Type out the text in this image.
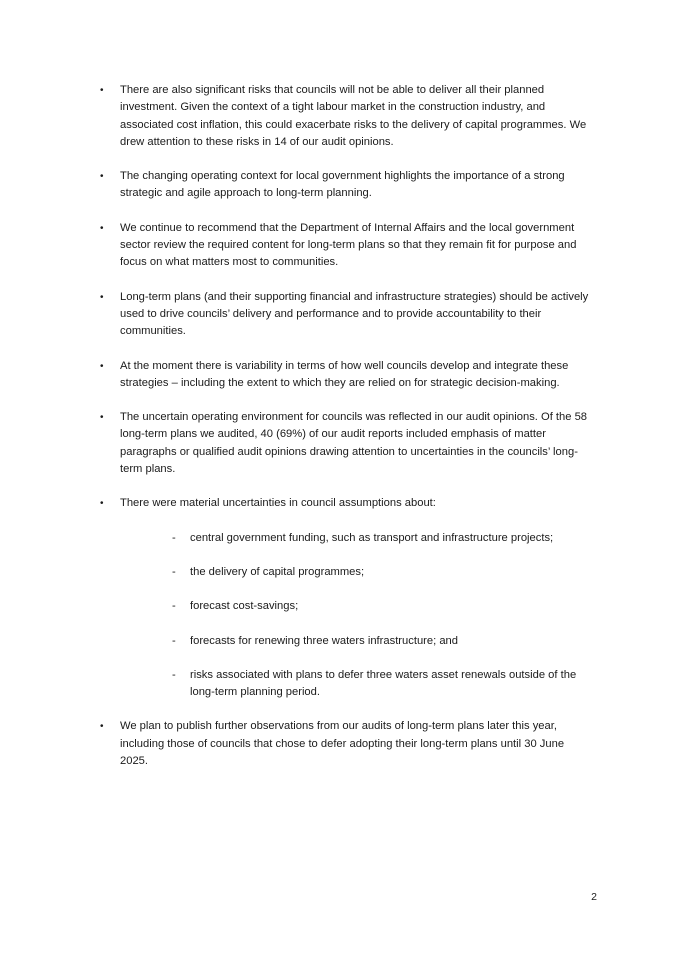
•	There are also significant risks that councils will not be able to deliver all their planned investment. Given the context of a tight labour market in the construction industry, and associated cost inflation, this could exacerbate risks to the delivery of capital programmes. We drew attention to these risks in 14 of our audit opinions.
•	The changing operating context for local government highlights the importance of a strong strategic and agile approach to long-term planning.
•	We continue to recommend that the Department of Internal Affairs and the local government sector review the required content for long-term plans so that they remain fit for purpose and focus on what matters most to communities.
•	Long-term plans (and their supporting financial and infrastructure strategies) should be actively used to drive councils’ delivery and performance and to provide accountability to their communities.
•	At the moment there is variability in terms of how well councils develop and integrate these strategies – including the extent to which they are relied on for strategic decision-making.
•	The uncertain operating environment for councils was reflected in our audit opinions. Of the 58 long-term plans we audited, 40 (69%) of our audit reports included emphasis of matter paragraphs or qualified audit opinions drawing attention to uncertainties in the councils’ long-term plans.
•	There were material uncertainties in council assumptions about:
-	central government funding, such as transport and infrastructure projects;
-	the delivery of capital programmes;
-	forecast cost-savings;
-	forecasts for renewing three waters infrastructure; and
-	risks associated with plans to defer three waters asset renewals outside of the long-term planning period.
•	We plan to publish further observations from our audits of long-term plans later this year, including those of councils that chose to defer adopting their long-term plans until 30 June 2025.
2
